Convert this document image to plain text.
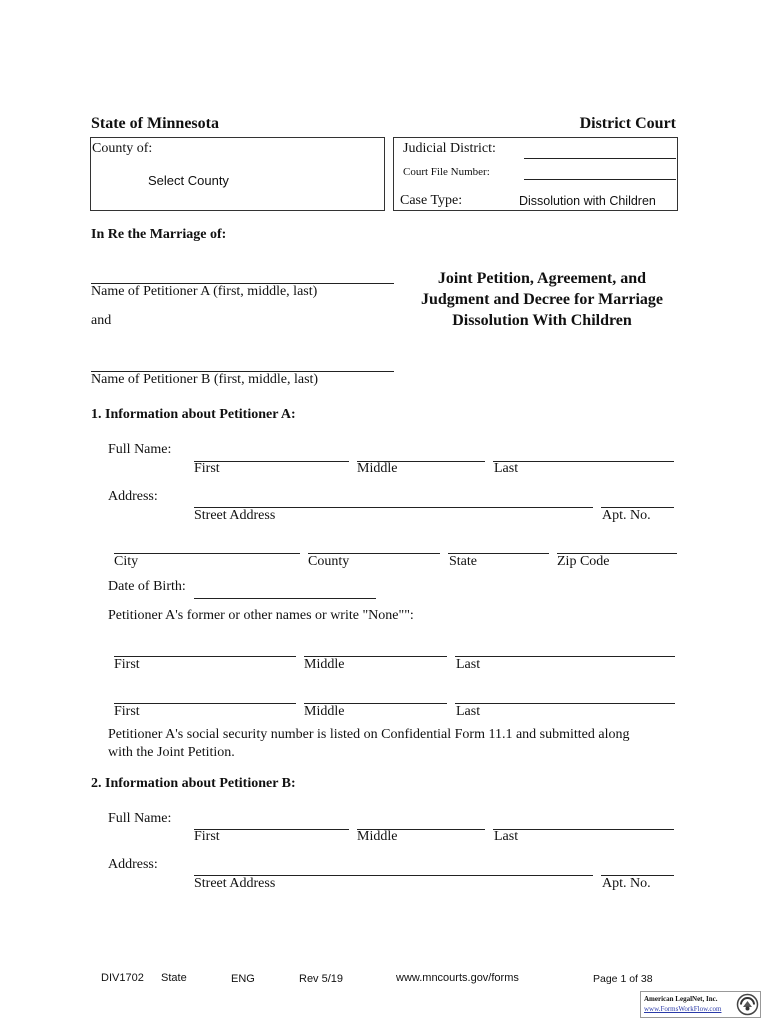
State of Minnesota	District Court
County of:
Select County
Judicial District:
Court File Number:
Case Type:	Dissolution with Children
In Re the Marriage of:
Name of Petitioner A (first, middle, last)
and
Name of Petitioner B (first, middle, last)
Joint Petition, Agreement, and
Judgment and Decree for Marriage
Dissolution With Children
1. Information about Petitioner A:
Full Name:
First	Middle	Last
Address:
Street Address	Apt. No.
City	County	State	Zip Code
Date of Birth:
Petitioner A's former or other names or write "None"":
First	Middle	Last
First	Middle	Last
Petitioner A's social security number is listed on Confidential Form 11.1 and submitted along
with the Joint Petition.
2. Information about Petitioner B:
Full Name:
First	Middle	Last
Address:
Street Address	Apt. No.
DIV1702 State	ENG	Rev 5/19	www.mncourts.gov/forms	Page 1 of 38
American LegalNet, Inc.
www.FormsWorkFlow.com
